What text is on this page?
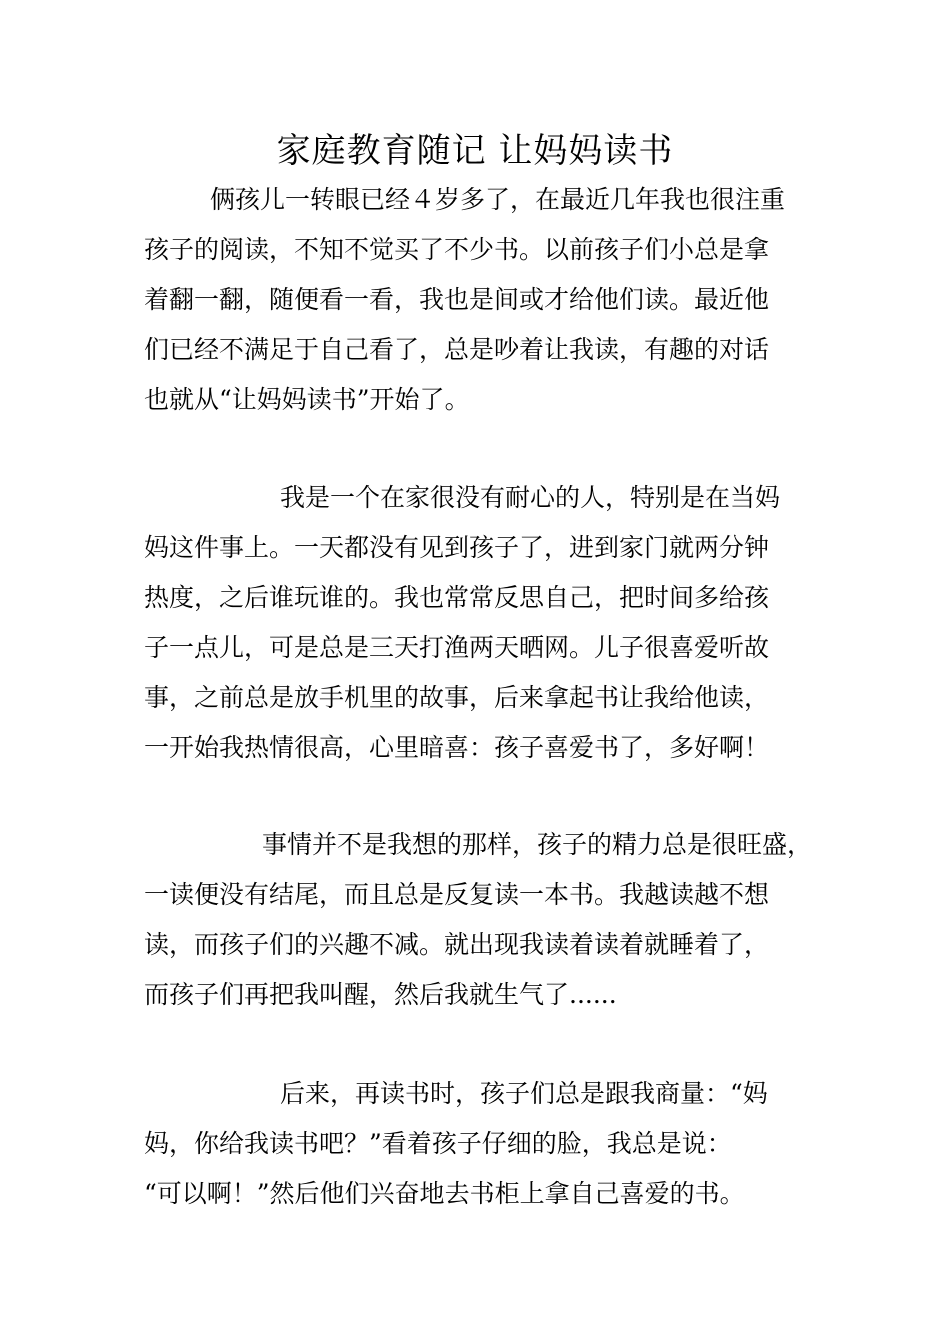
家庭教育随记 让妈妈读书
俩孩儿一转眼已经４岁多了，在最近几年我也很注重
孩子的阅读，不知不觉买了不少书。以前孩子们小总是拿
着翻一翻，随便看一看，我也是间或才给他们读。最近他
们已经不满足于自己看了，总是吵着让我读，有趣的对话
也就从“让妈妈读书”开始了。
我是一个在家很没有耐心的人，特别是在当妈
妈这件事上。一天都没有见到孩子了，进到家门就两分钟
热度，之后谁玩谁的。我也常常反思自己，把时间多给孩
子一点儿，可是总是三天打渔两天晒网。儿子很喜爱听故
事，之前总是放手机里的故事，后来拿起书让我给他读，
一开始我热情很高，心里暗喜：孩子喜爱书了，多好啊！
事情并不是我想的那样，孩子的精力总是很旺盛，
一读便没有结尾，而且总是反复读一本书。我越读越不想
读，而孩子们的兴趣不减。就出现我读着读着就睡着了，
而孩子们再把我叫醒，然后我就生气了......
后来，再读书时，孩子们总是跟我商量：“妈
妈，你给我读书吧？”看着孩子仔细的脸，我总是说：
“可以啊！”然后他们兴奋地去书柜上拿自己喜爱的书。
